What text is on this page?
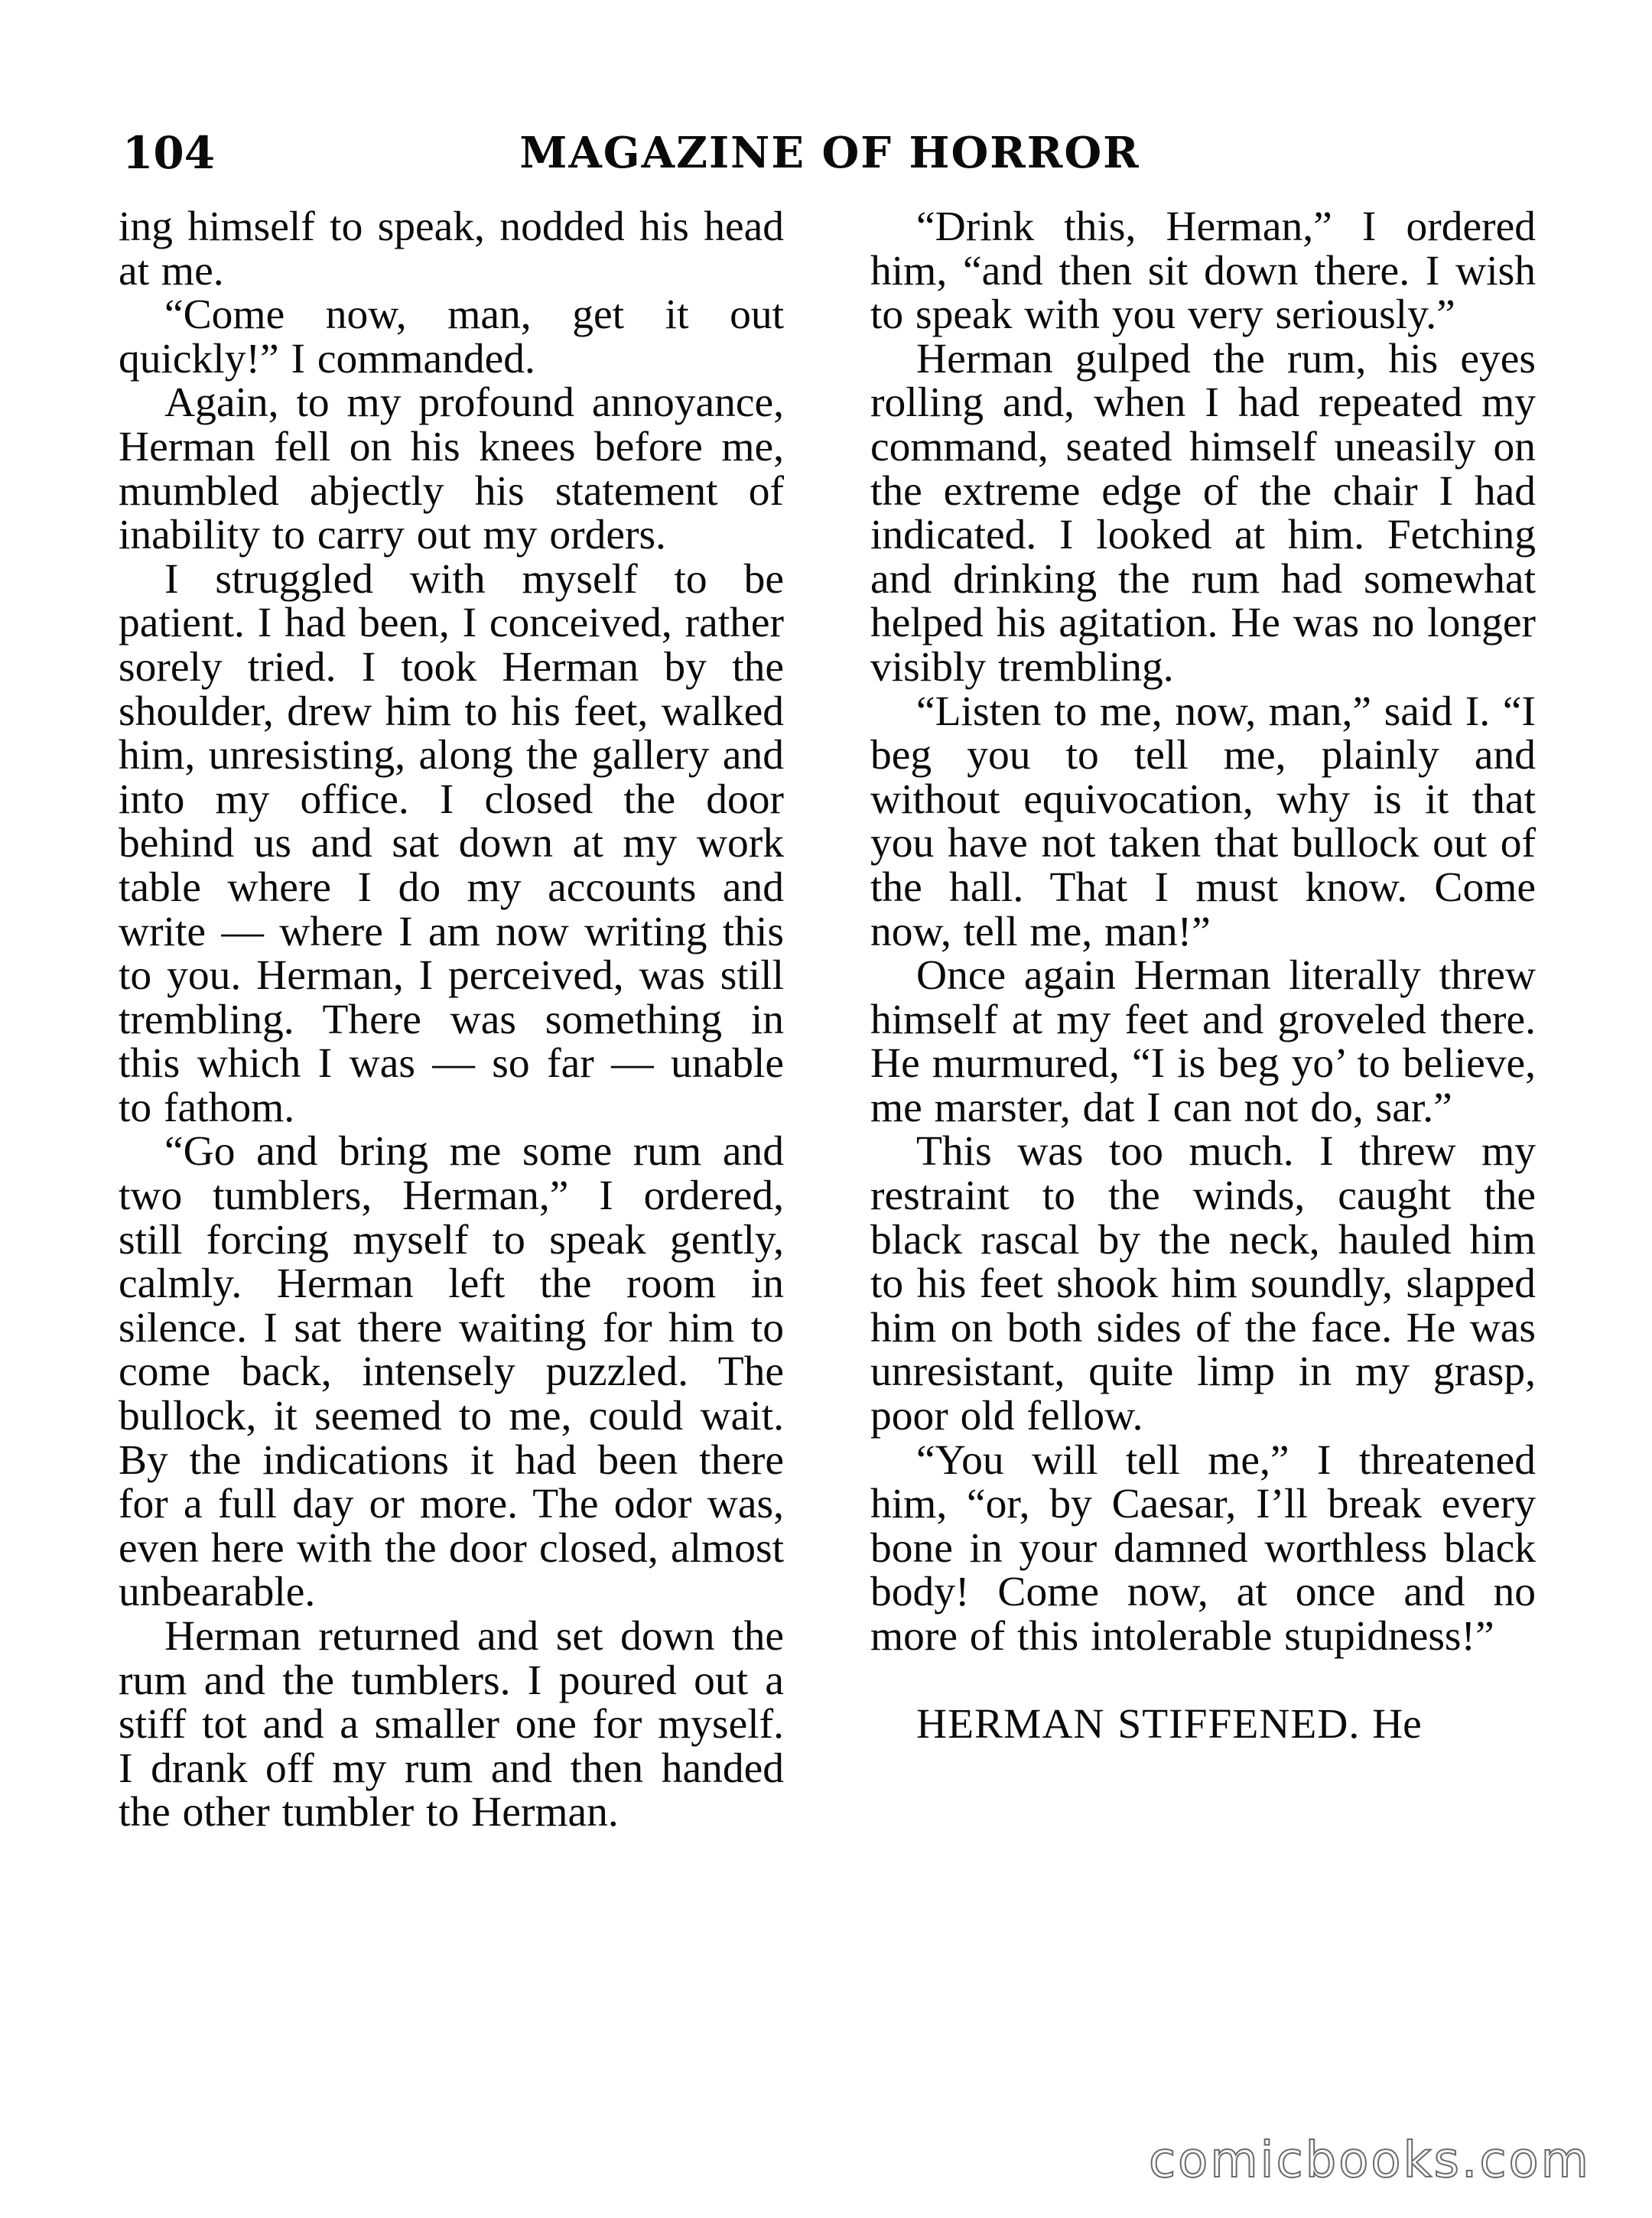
104	MAGAZINE OF HORROR

ing himself to speak, nodded his head at me.

“Come now, man, get it out quickly!” I commanded.

Again, to my profound annoyance, Herman fell on his knees before me, mumbled abjectly his statement of inability to carry out my orders.

I struggled with myself to be patient. I had been, I conceived, rather sorely tried. I took Herman by the shoulder, drew him to his feet, walked him, unresisting, along the gallery and into my office. I closed the door behind us and sat down at my work table where I do my accounts and write — where I am now writing this to you. Herman, I perceived, was still trembling. There was something in this which I was — so far — unable to fathom.

“Go and bring me some rum and two tumblers, Herman,” I ordered, still forcing myself to speak gently, calmly. Herman left the room in silence. I sat there waiting for him to come back, intensely puzzled. The bullock, it seemed to me, could wait. By the indications it had been there for a full day or more. The odor was, even here with the door closed, almost unbearable.

Herman returned and set down the rum and the tumblers. I poured out a stiff tot and a smaller one for myself. I drank off my rum and then handed the other tumbler to Herman.

“Drink this, Herman,” I ordered him, “and then sit down there. I wish to speak with you very seriously.”

Herman gulped the rum, his eyes rolling and, when I had repeated my command, seated himself uneasily on the extreme edge of the chair I had indicated. I looked at him. Fetching and drinking the rum had somewhat helped his agitation. He was no longer visibly trembling.

“Listen to me, now, man,” said I. “I beg you to tell me, plainly and without equivocation, why is it that you have not taken that bullock out of the hall. That I must know. Come now, tell me, man!”

Once again Herman literally threw himself at my feet and groveled there. He murmured, “I is beg yo’ to believe, me marster, dat I can not do, sar.”

This was too much. I threw my restraint to the winds, caught the black rascal by the neck, hauled him to his feet shook him soundly, slapped him on both sides of the face. He was unresistant, quite limp in my grasp, poor old fellow.

“You will tell me,” I threatened him, “or, by Caesar, I’ll break every bone in your damned worthless black body! Come now, at once and no more of this intolerable stupidness!”

HERMAN STIFFENED. He

comicbooks.com
